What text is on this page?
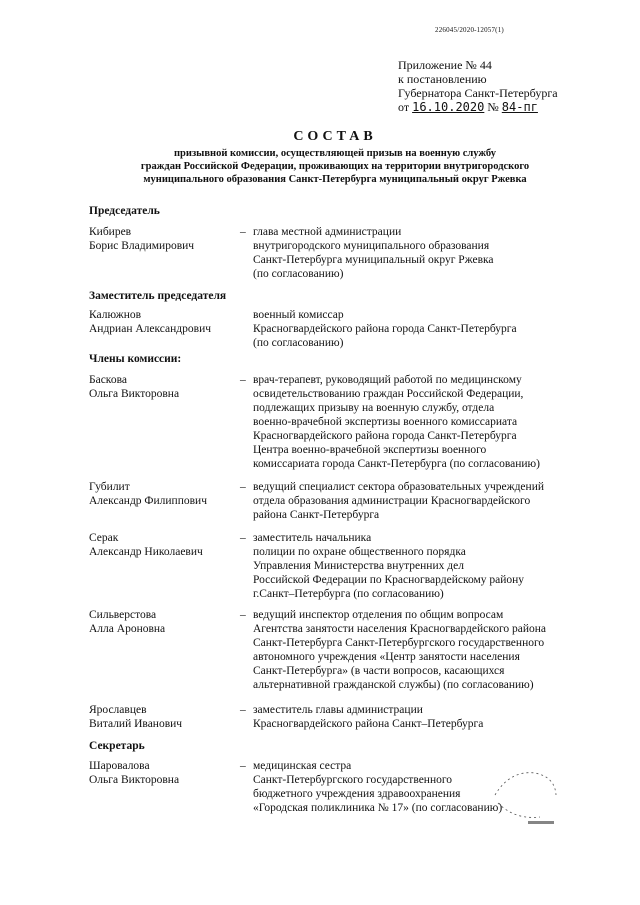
226045/2020-12057(1)
Приложение № 44
к постановлению
Губернатора Санкт-Петербурга
от 16.10.2020 № 84-пг
СОСТАВ
призывной комиссии, осуществляющей призыв на военную службу
граждан Российской Федерации, проживающих на территории внутригородского
муниципального образования Санкт-Петербурга муниципальный округ Ржевка
Председатель
Кибирев
Борис Владимирович
– глава местной администрации
внутригородского муниципального образования
Санкт-Петербурга муниципальный округ Ржевка
(по согласованию)
Заместитель председателя
Калюжнов
Андриан Александрович
военный комиссар
Красногвардейского района города Санкт-Петербурга
(по согласованию)
Члены комиссии:
Баскова
Ольга Викторовна
– врач-терапевт, руководящий работой по медицинскому
освидетельствованию граждан Российской Федерации,
подлежащих призыву на военную службу, отдела
военно-врачебной экспертизы военного комиссариата
Красногвардейского района города Санкт-Петербурга
Центра военно-врачебной экспертизы военного
комиссариата города Санкт-Петербурга (по согласованию)
Губилит
Александр Филиппович
– ведущий специалист сектора образовательных учреждений
отдела образования администрации Красногвардейского
района Санкт-Петербурга
Серак
Александр Николаевич
– заместитель начальника
полиции по охране общественного порядка
Управления Министерства внутренних дел
Российской Федерации по Красногвардейскому району
г.Санкт–Петербурга (по согласованию)
Сильверстова
Алла Ароновна
– ведущий инспектор отделения по общим вопросам
Агентства занятости населения Красногвардейского района
Санкт-Петербурга Санкт-Петербургского государственного
автономного учреждения «Центр занятости населения
Санкт-Петербурга» (в части вопросов, касающихся
альтернативной гражданской службы) (по согласованию)
Ярославцев
Виталий Иванович
– заместитель главы администрации
Красногвардейского района Санкт–Петербурга
Секретарь
Шаровалова
Ольга Викторовна
– медицинская сестра
Санкт-Петербургского государственного
бюджетного учреждения здравоохранения
«Городская поликлиника № 17» (по согласованию)
